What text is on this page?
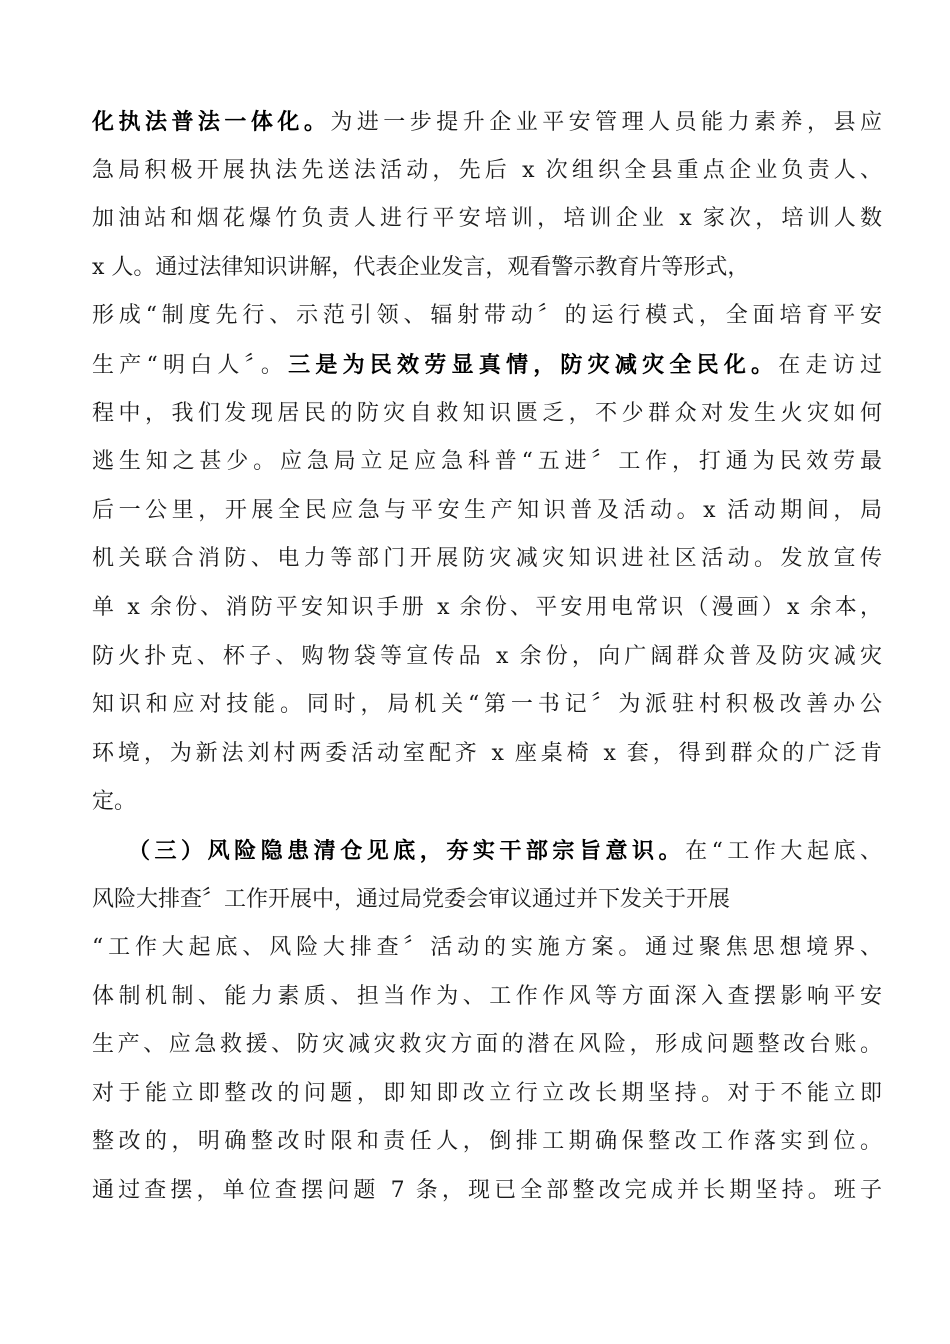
化执法普法一体化。为进一步提升企业平安管理人员能力素养，县应
急局积极开展执法先送法活动，先后 x 次组织全县重点企业负责人、
加油站和烟花爆竹负责人进行平安培训，培训企业 x 家次，培训人数
x 人。通过法律知识讲解，代表企业发言，观看警示教育片等形式，
形成“制度先行、示范引领、辐射带动〞的运行模式，全面培育平安
生产“明白人〞。三是为民效劳显真情，防灾减灾全民化。在走访过
程中，我们发现居民的防灾自救知识匮乏，不少群众对发生火灾如何
逃生知之甚少。应急局立足应急科普“五进〞工作，打通为民效劳最
后一公里，开展全民应急与平安生产知识普及活动。x 活动期间，局
机关联合消防、电力等部门开展防灾减灾知识进社区活动。发放宣传
单 x 余份、消防平安知识手册 x 余份、平安用电常识（漫画）x 余本，
防火扑克、杯子、购物袋等宣传品 x 余份，向广阔群众普及防灾减灾
知识和应对技能。同时，局机关“第一书记〞为派驻村积极改善办公
环境，为新法刘村两委活动室配齐 x 座桌椅 x 套，得到群众的广泛肯
定。
（三）风险隐患清仓见底，夯实干部宗旨意识。在“工作大起底、
风险大排查〞工作开展中，通过局党委会审议通过并下发关于开展
“工作大起底、风险大排查〞活动的实施方案。通过聚焦思想境界、
体制机制、能力素质、担当作为、工作作风等方面深入查摆影响平安
生产、应急救援、防灾减灾救灾方面的潜在风险，形成问题整改台账。
对于能立即整改的问题，即知即改立行立改长期坚持。对于不能立即
整改的，明确整改时限和责任人，倒排工期确保整改工作落实到位。
通过查摆，单位查摆问题 7 条，现已全部整改完成并长期坚持。班子
